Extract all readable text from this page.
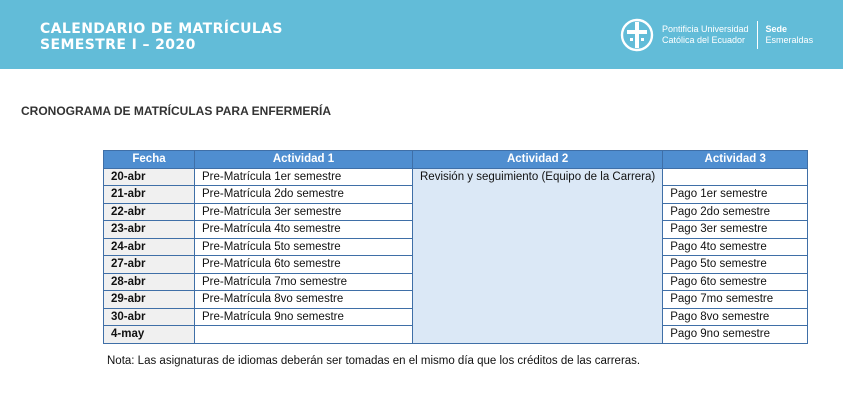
CALENDARIO DE MATRÍCULAS
SEMESTRE I – 2020
Pontificia Universidad
Católica del Ecuador
Sede
Esmeraldas
CRONOGRAMA DE MATRÍCULAS PARA ENFERMERÍA
Fecha	Actividad 1	Actividad 2	Actividad 3
20-abr	Pre-Matrícula 1er semestre	Revisión y seguimiento (Equipo de la Carrera)	
21-abr	Pre-Matrícula 2do semestre		Pago 1er semestre
22-abr	Pre-Matrícula 3er semestre		Pago 2do semestre
23-abr	Pre-Matrícula 4to semestre		Pago 3er semestre
24-abr	Pre-Matrícula 5to semestre		Pago 4to semestre
27-abr	Pre-Matrícula 6to semestre		Pago 5to semestre
28-abr	Pre-Matrícula 7mo semestre		Pago 6to semestre
29-abr	Pre-Matrícula 8vo semestre		Pago 7mo semestre
30-abr	Pre-Matrícula 9no semestre		Pago 8vo semestre
4-may			Pago 9no semestre
Nota: Las asignaturas de idiomas deberán ser tomadas en el mismo día que los créditos de las carreras.
